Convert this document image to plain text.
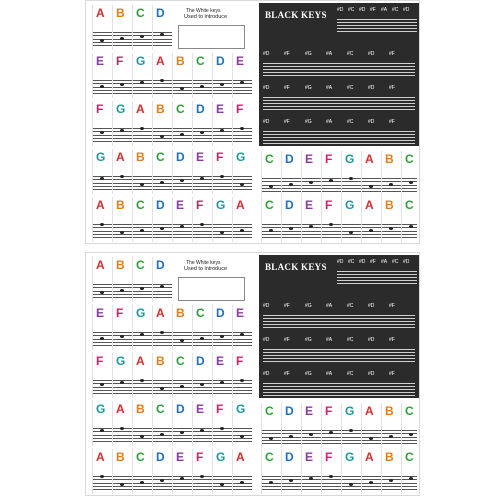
The White keys
Used to introduce
A B C D
E F G A B C D E
F G A B C D E F
G A B C D E F G
A B C D E F G A
BLACK KEYS #D #C #D #F #A #C #D
#D	#F	#G	#A	#C	#D	#F
#D	#F	#G	#A	#C	#D	#F
#D	#F	#G	#A	#C	#D	#F
C D E F G A B C
C D E F G A B C
The White keys
Used to introduce
A B C D
E F G A B C D E
F G A B C D E F
G A B C D E F G
A B C D E F G A
BLACK KEYS #D #C #D #F #A #C #D
#D	#F	#G	#A	#C	#D	#F
#D	#F	#G	#A	#C	#D	#F
#D	#F	#G	#A	#C	#D	#F
C D E F G A B C
C D E F G A B C
